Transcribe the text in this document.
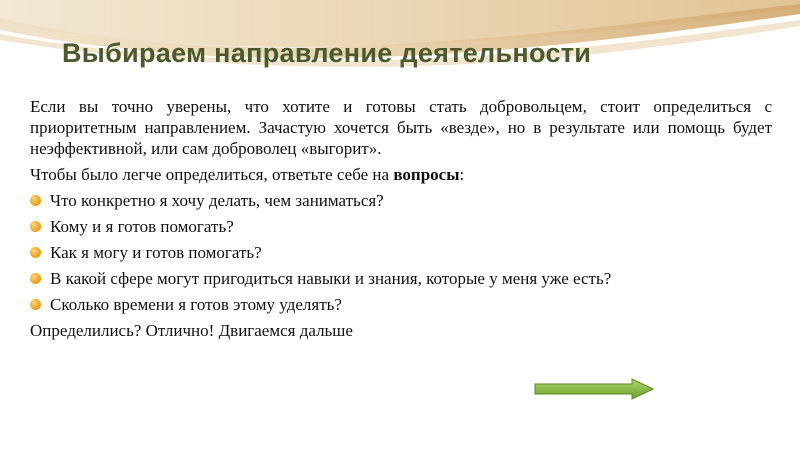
Выбираем направление деятельности

Если вы точно уверены, что хотите и готовы стать добровольцем, стоит определиться с приоритетным направлением. Зачастую хочется быть «везде», но в результате или помощь будет неэффективной, или сам доброволец «выгорит».

Чтобы было легче определиться, ответьте себе на вопросы:

Что конкретно я хочу делать, чем заниматься?
Кому и я готов помогать?
Как я могу и готов помогать?
В какой сфере могут пригодиться навыки и знания, которые у меня уже есть?
Сколько времени я готов этому уделять?

Определились? Отлично! Двигаемся дальше
